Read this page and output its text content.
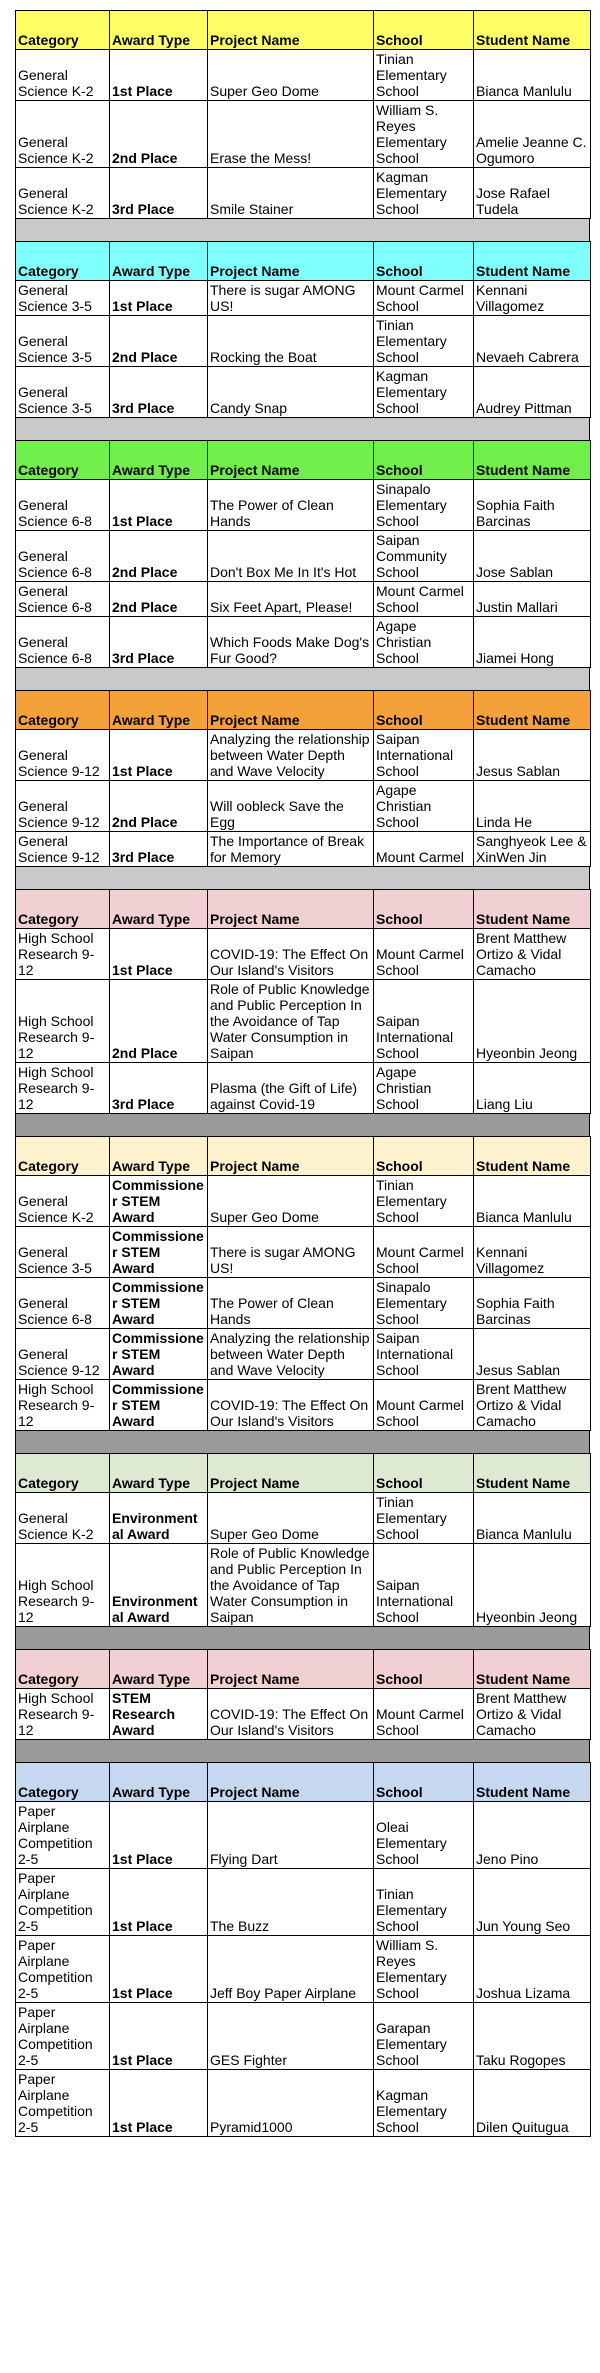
Category	Award Type	Project Name	School	Student Name
General Science K-2	1st Place	Super Geo Dome	Tinian Elementary School	Bianca Manlulu
General Science K-2	2nd Place	Erase the Mess!	William S. Reyes Elementary School	Amelie Jeanne C. Ogumoro
General Science K-2	3rd Place	Smile Stainer	Kagman Elementary School	Jose Rafael Tudela
Category	Award Type	Project Name	School	Student Name
General Science 3-5	1st Place	There is sugar AMONG US!	Mount Carmel School	Kennani Villagomez
General Science 3-5	2nd Place	Rocking the Boat	Tinian Elementary School	Nevaeh Cabrera
General Science 3-5	3rd Place	Candy Snap	Kagman Elementary School	Audrey Pittman
Category	Award Type	Project Name	School	Student Name
General Science 6-8	1st Place	The Power of Clean Hands	Sinapalo Elementary School	Sophia Faith Barcinas
General Science 6-8	2nd Place	Don't Box Me In It's Hot	Saipan Community School	Jose Sablan
General Science 6-8	2nd Place	Six Feet Apart, Please!	Mount Carmel School	Justin Mallari
General Science 6-8	3rd Place	Which Foods Make Dog's Fur Good?	Agape Christian School	Jiamei Hong
Category	Award Type	Project Name	School	Student Name
General Science 9-12	1st Place	Analyzing the relationship between Water Depth and Wave Velocity	Saipan International School	Jesus Sablan
General Science 9-12	2nd Place	Will oobleck Save the Egg	Agape Christian School	Linda He
General Science 9-12	3rd Place	The Importance of Break for Memory	Mount Carmel	Sanghyeok Lee & XinWen Jin
Category	Award Type	Project Name	School	Student Name
High School Research 9-12	1st Place	COVID-19: The Effect On Our Island's Visitors	Mount Carmel School	Brent Matthew Ortizo & Vidal Camacho
High School Research 9-12	2nd Place	Role of Public Knowledge and Public Perception In the Avoidance of Tap Water Consumption in Saipan	Saipan International School	Hyeonbin Jeong
High School Research 9-12	3rd Place	Plasma (the Gift of Life) against Covid-19	Agape Christian School	Liang Liu
Category	Award Type	Project Name	School	Student Name
General Science K-2	Commissioner STEM Award	Super Geo Dome	Tinian Elementary School	Bianca Manlulu
General Science 3-5	Commissioner STEM Award	There is sugar AMONG US!	Mount Carmel School	Kennani Villagomez
General Science 6-8	Commissioner STEM Award	The Power of Clean Hands	Sinapalo Elementary School	Sophia Faith Barcinas
General Science 9-12	Commissioner STEM Award	Analyzing the relationship between Water Depth and Wave Velocity	Saipan International School	Jesus Sablan
High School Research 9-12	Commissioner STEM Award	COVID-19: The Effect On Our Island's Visitors	Mount Carmel School	Brent Matthew Ortizo & Vidal Camacho
Category	Award Type	Project Name	School	Student Name
General Science K-2	Environmental Award	Super Geo Dome	Tinian Elementary School	Bianca Manlulu
High School Research 9-12	Environmental Award	Role of Public Knowledge and Public Perception In the Avoidance of Tap Water Consumption in Saipan	Saipan International School	Hyeonbin Jeong
Category	Award Type	Project Name	School	Student Name
High School Research 9-12	STEM Research Award	COVID-19: The Effect On Our Island's Visitors	Mount Carmel School	Brent Matthew Ortizo & Vidal Camacho
Category	Award Type	Project Name	School	Student Name
Paper Airplane Competition 2-5	1st Place	Flying Dart	Oleai Elementary School	Jeno Pino
Paper Airplane Competition 2-5	1st Place	The Buzz	Tinian Elementary School	Jun Young Seo
Paper Airplane Competition 2-5	1st Place	Jeff Boy Paper Airplane	William S. Reyes Elementary School	Joshua Lizama
Paper Airplane Competition 2-5	1st Place	GES Fighter	Garapan Elementary School	Taku Rogopes
Paper Airplane Competition 2-5	1st Place	Pyramid1000	Kagman Elementary School	Dilen Quitugua
